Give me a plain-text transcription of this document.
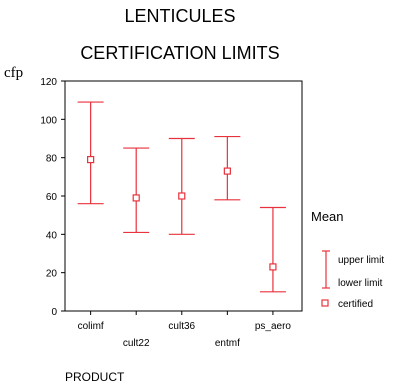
LENTICULES
CERTIFICATION LIMITS
cfp
0
20
40
60
80
100
120
colimf
cult22
cult36
entmf
ps_aero
PRODUCT
Mean
upper limit
lower limit
certified
